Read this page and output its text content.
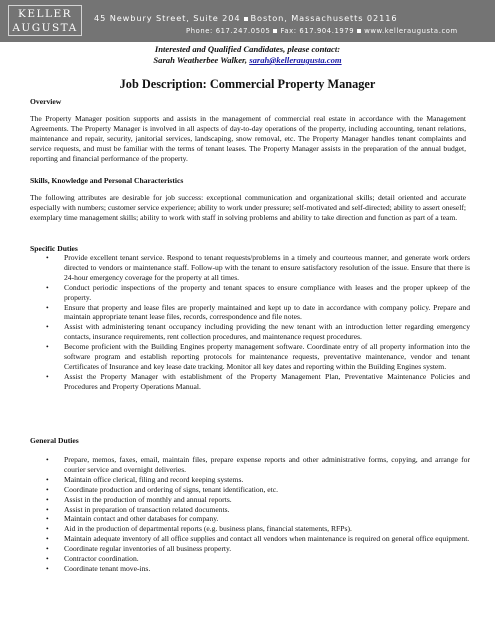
KELLER
AUGUSTA
45 Newbury Street, Suite 204 Boston, Massachusetts 02116
Phone: 617.247.0505 Fax: 617.904.1979 www.kelleraugusta.com
Interested and Qualified Candidates, please contact:
Sarah Weatherbee Walker, sarah@kelleraugusta.com
Job Description: Commercial Property Manager
Overview
The Property Manager position supports and assists in the management of commercial real estate in accordance with the Management Agreements. The Property Manager is involved in all aspects of day-to-day operations of the property, including accounting, tenant relations, maintenance and repair, security, janitorial services, landscaping, snow removal, etc. The Property Manager handles tenant complaints and service requests, and must be familiar with the terms of tenant leases. The Property Manager assists in the preparation of the annual budget, reporting and financial performance of the property.
Skills, Knowledge and Personal Characteristics
The following attributes are desirable for job success: exceptional communication and organizational skills; detail oriented and accurate especially with numbers; customer service experience; ability to work under pressure; self-motivated and self-directed; ability to assert oneself; exemplary time management skills; ability to work with staff in solving problems and ability to take direction and function as part of a team.
Specific Duties
• Provide excellent tenant service. Respond to tenant requests/problems in a timely and courteous manner, and generate work orders directed to vendors or maintenance staff. Follow-up with the tenant to ensure satisfactory resolution of the issue. Ensure that there is 24-hour emergency coverage for the property at all times.
• Conduct periodic inspections of the property and tenant spaces to ensure compliance with leases and the proper upkeep of the property.
• Ensure that property and lease files are properly maintained and kept up to date in accordance with company policy. Prepare and maintain appropriate tenant lease files, records, correspondence and file notes.
• Assist with administering tenant occupancy including providing the new tenant with an introduction letter regarding emergency contacts, insurance requirements, rent collection procedures, and maintenance request procedures.
• Become proficient with the Building Engines property management software. Coordinate entry of all property information into the software program and establish reporting protocols for maintenance requests, preventative maintenance, vendor and tenant Certificates of Insurance and key lease date tracking. Monitor all key dates and reporting within the Building Engines system.
• Assist the Property Manager with establishment of the Property Management Plan, Preventative Maintenance Policies and Procedures and Property Operations Manual.
General Duties
• Prepare, memos, faxes, email, maintain files, prepare expense reports and other administrative forms, copying, and arrange for courier service and overnight deliveries.
• Maintain office clerical, filing and record keeping systems.
• Coordinate production and ordering of signs, tenant identification, etc.
• Assist in the production of monthly and annual reports.
• Assist in preparation of transaction related documents.
• Maintain contact and other databases for company.
• Aid in the production of departmental reports (e.g. business plans, financial statements, RFPs).
• Maintain adequate inventory of all office supplies and contact all vendors when maintenance is required on general office equipment.
• Coordinate regular inventories of all business property.
• Contractor coordination.
• Coordinate tenant move-ins.
